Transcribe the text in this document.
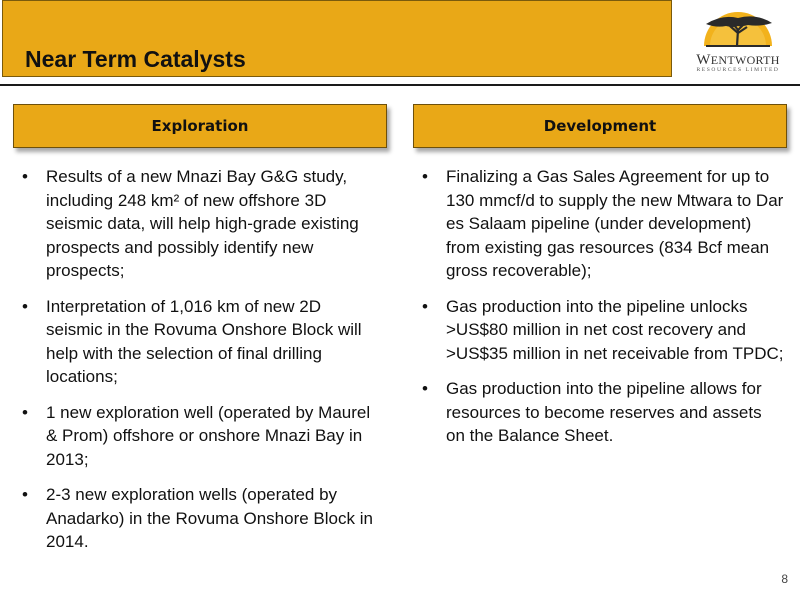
Near Term Catalysts	WENTWORTH
RESOURCES LIMITED
Exploration	Development
• Results of a new Mnazi Bay G&G study, including 248 km² of new offshore 3D seismic data, will help high-grade existing prospects and possibly identify new prospects;
• Interpretation of 1,016 km of new 2D seismic in the Rovuma Onshore Block will help with the selection of final drilling locations;
• 1 new exploration well (operated by Maurel & Prom) offshore or onshore Mnazi Bay in 2013;
• 2-3 new exploration wells (operated by Anadarko) in the Rovuma Onshore Block in 2014.
• Finalizing a Gas Sales Agreement for up to 130 mmcf/d to supply the new Mtwara to Dar es Salaam pipeline (under development) from existing gas resources (834 Bcf mean gross recoverable);
• Gas production into the pipeline unlocks >US$80 million in net cost recovery and >US$35 million in net receivable from TPDC;
• Gas production into the pipeline allows for resources to become reserves and assets on the Balance Sheet.
8
